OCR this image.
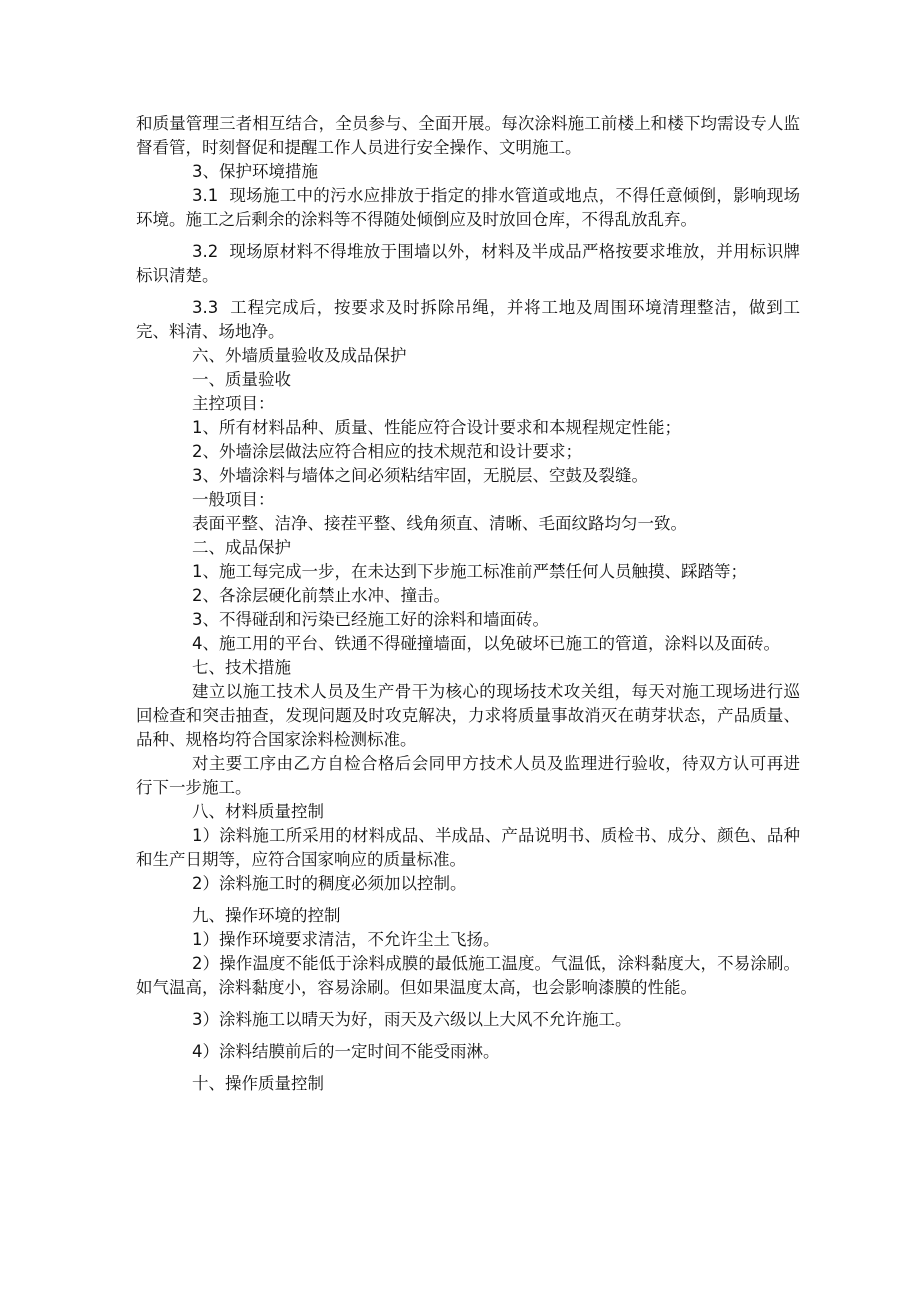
和质量管理三者相互结合，全员参与、全面开展。每次涂料施工前楼上和楼下均需设专人监督看管，时刻督促和提醒工作人员进行安全操作、文明施工。

3、保护环境措施

3.1  现场施工中的污水应排放于指定的排水管道或地点，不得任意倾倒，影响现场环境。施工之后剩余的涂料等不得随处倾倒应及时放回仓库，不得乱放乱弃。

3.2  现场原材料不得堆放于围墙以外，材料及半成品严格按要求堆放，并用标识牌标识清楚。

3.3  工程完成后，按要求及时拆除吊绳，并将工地及周围环境清理整洁，做到工完、料清、场地净。

六、外墙质量验收及成品保护

一、质量验收

主控项目：

1、所有材料品种、质量、性能应符合设计要求和本规程规定性能；

2、外墙涂层做法应符合相应的技术规范和设计要求；

3、外墙涂料与墙体之间必须粘结牢固，无脱层、空鼓及裂缝。

一般项目：

表面平整、洁净、接茬平整、线角须直、清晰、毛面纹路均匀一致。

二、成品保护

1、施工每完成一步，在未达到下步施工标准前严禁任何人员触摸、踩踏等；

2、各涂层硬化前禁止水冲、撞击。

3、不得碰刮和污染已经施工好的涂料和墙面砖。

4、施工用的平台、铁通不得碰撞墙面，以免破坏已施工的管道，涂料以及面砖。

七、技术措施

建立以施工技术人员及生产骨干为核心的现场技术攻关组，每天对施工现场进行巡回检查和突击抽查，发现问题及时攻克解决，力求将质量事故消灭在萌芽状态，产品质量、品种、规格均符合国家涂料检测标准。

对主要工序由乙方自检合格后会同甲方技术人员及监理进行验收，待双方认可再进行下一步施工。

八、材料质量控制

1）涂料施工所采用的材料成品、半成品、产品说明书、质检书、成分、颜色、品种和生产日期等，应符合国家响应的质量标准。

2）涂料施工时的稠度必须加以控制。

九、操作环境的控制

1）操作环境要求清洁，不允许尘土飞扬。

2）操作温度不能低于涂料成膜的最低施工温度。气温低，涂料黏度大，不易涂刷。如气温高，涂料黏度小，容易涂刷。但如果温度太高，也会影响漆膜的性能。

3）涂料施工以晴天为好，雨天及六级以上大风不允许施工。

4）涂料结膜前后的一定时间不能受雨淋。

十、操作质量控制
